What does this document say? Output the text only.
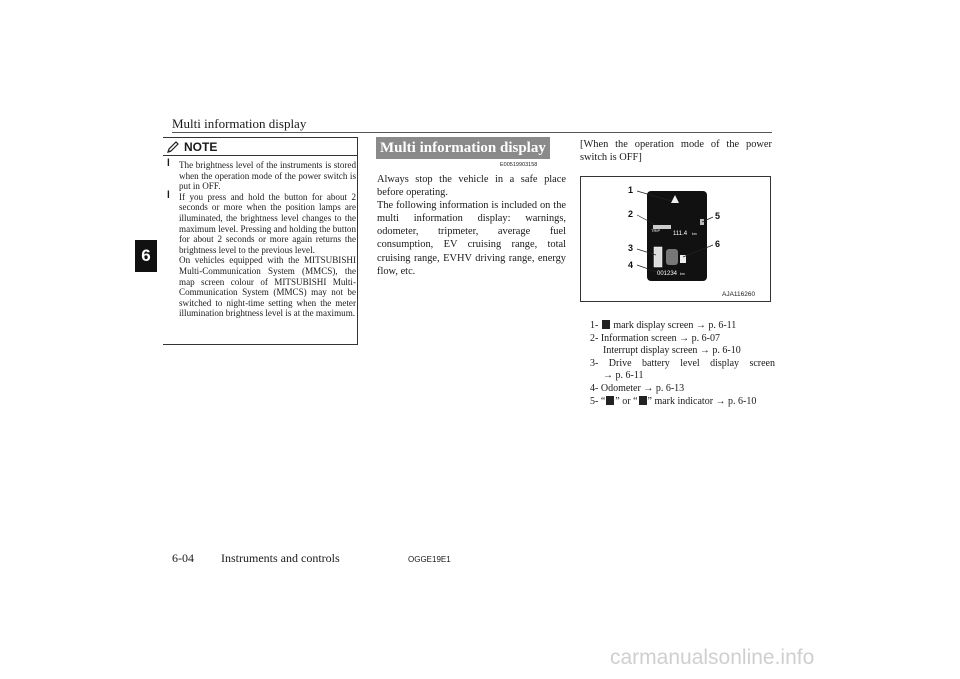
Multi information display
6
NOTE

l
The brightness level of the instruments is stored when the operation mode of the power switch is put in OFF.

l
If you press and hold the button for about 2 seconds or more when the position lamps are illuminated, the brightness level changes to the maximum level. Pressing and holding the button for about 2 seconds or more again returns the brightness level to the previous level.

On vehicles equipped with the MITSUBISHI Multi-Communication System (MMCS), the map screen colour of MITSUBISHI Multi-Communication System (MMCS) may not be switched to night-time setting when the meter illumination brightness level is at the maximum.

Multi information display
E00519903158
Always stop the vehicle in a safe place before operating.
The following information is included on the multi information display: warnings, odometer, tripmeter, average fuel consumption, EV cruising range, total cruising range, EVHV driving range, energy flow, etc.
[When the operation mode of the power switch is OFF]
TRIP
111.4 km
001234 km
1
2
3
4
5
6
AJA116260
1- mark display screen → p. 6-11
2- Information screen → p. 6-07
Interrupt display screen → p. 6-10
3- Drive battery level display screen
→ p. 6-11
4- Odometer → p. 6-13
5- “ ” or “ ” mark indicator → p. 6-10
6-04 Instruments and controls	OGGE19E1
carmanualsonline.info
